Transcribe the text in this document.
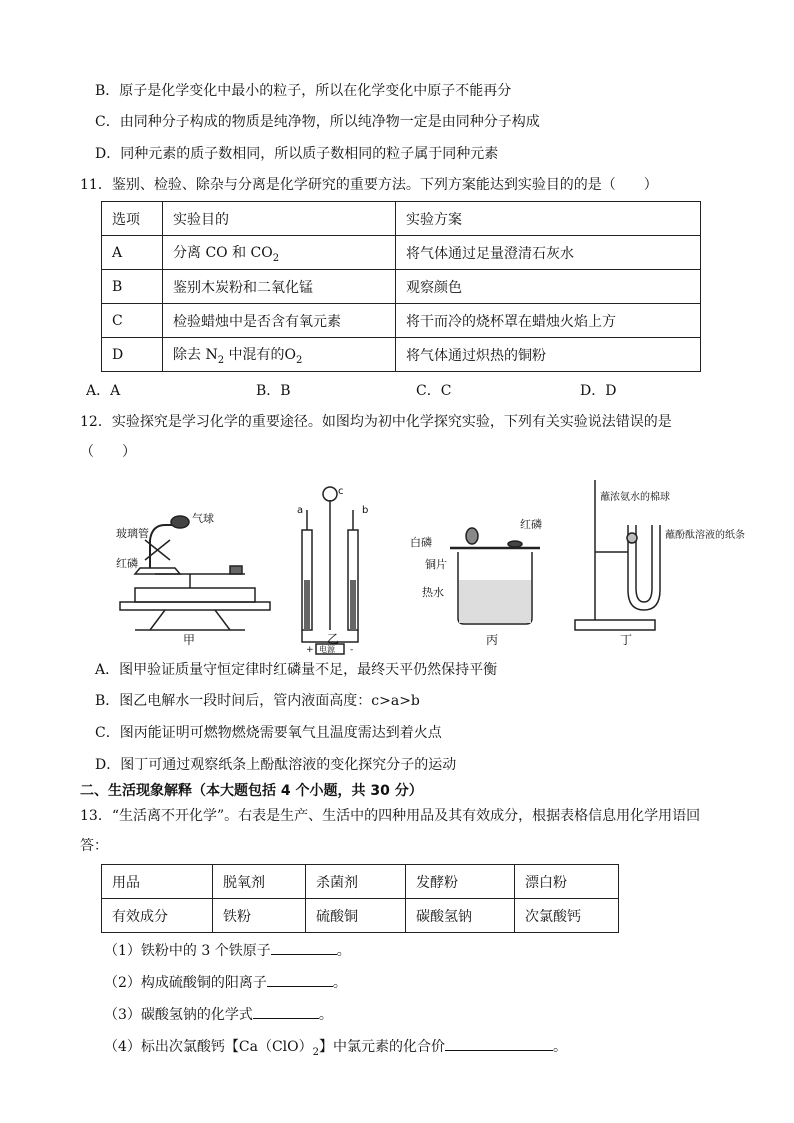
B．原子是化学变化中最小的粒子，所以在化学变化中原子不能再分
C．由同种分子构成的物质是纯净物，所以纯净物一定是由同种分子构成
D．同种元素的质子数相同，所以质子数相同的粒子属于同种元素
11．鉴别、检验、除杂与分离是化学研究的重要方法。下列方案能达到实验目的的是（　　）
选项	实验目的	实验方案
A	分离 CO 和 $CO_2$	将气体通过足量澄清石灰水
B	鉴别木炭粉和二氧化锰	观察颜色
C	检验蜡烛中是否含有氧元素	将干而冷的烧杯罩在蜡烛火焰上方
D	除去 $N_2$ 中混有的$O_2$	将气体通过炽热的铜粉
A．A	B．B	C．C	D．D
12．实验探究是学习化学的重要途径。如图均为初中化学探究实验，下列有关实验说法错误的是
（　　）
玻璃管
气球
红磷
甲
a	b
c
+ 电源 -
白磷
红磷
铜片
热水
丙
蘸浓氨水的棉球
蘸酚酞溶液的纸条
丁
乙
A．图甲验证质量守恒定律时红磷量不足，最终天平仍然保持平衡
B．图乙电解水一段时间后，管内液面高度：c>a>b
C．图丙能证明可燃物燃烧需要氧气且温度需达到着火点
D．图丁可通过观察纸条上酚酞溶液的变化探究分子的运动
二、生活现象解释（本大题包括 4 个小题，共 30 分）
13．“生活离不开化学”。右表是生产、生活中的四种用品及其有效成分，根据表格信息用化学用语回
答：
用品	脱氧剂	杀菌剂	发酵粉	漂白粉
有效成分	铁粉	硫酸铜	碳酸氢钠	次氯酸钙
（1）铁粉中的 3 个铁原子	。
（2）构成硫酸铜的阳离子	。
（3）碳酸氢钠的化学式	。
（4）标出次氯酸钙【$Ca(ClO)_2$】中氯元素的化合价	。
